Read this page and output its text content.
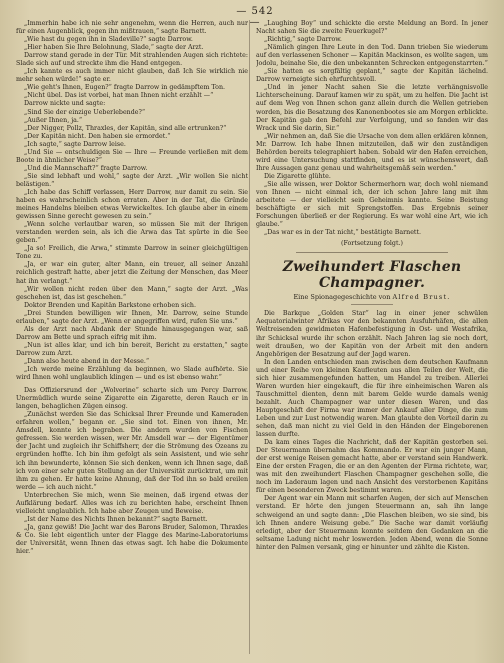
— 542 —

„Immerhin habe ich nie sehr angenehm, wenn die Herren, auch nur für einen Augenblick, gegen ihn mißtrauen,“ sagte Barnett.

„Wie hast du gegen ihn in Sladeville?“ sagte Darrow.

„Hier haben Sie Ihre Belohnung, Slade,“ sagte der Arzt.

Darrow stand gerade in der Tür. Mit strahlenden Augen sich richtete: Slade sich auf und streckte ihm die Hand entgegen.

„Ich kannte es auch immer nicht glauben, daß Ich Sie wirklich nie mehr sehen würde!“ sagte er.

„Wie geht's Ihnen, Eugen?“ fragte Darrow in gedämpftem Ton.

„Nicht übel. Das ist vorbei, hat man Ihnen nicht erzählt —“

Darrow nickte und sagte:

„Sind Sie der einzige Ueberlebende?“

„Außer Ihnen, ja.“

„Der Nigger, Pollz, Thraxles, der Kapitän, sind alle ertrunken?“

„Der Kapitän nicht. Den haben sie ermordet.“

„Ich sagte,“ sagte Darrow leise.

„Und Sie — entschuldigen Sie — Ihre — Freunde verließen mit dem Boote in ähnlicher Weise?“

„Und die Mannschaft?“ fragte Darrow.

„Sie sind lebhaft und wohl,“ sagte der Arzt. „Wir wollen Sie nicht belästigen.“

„Ich habe das Schiff verlassen, Herr Darrow, nur damit zu sein. Sie haben es wahrscheinlich schon erraten. Aber in der Tat, die Gründe meines Handelns bleiben etwas Verwickeltes. Ich glaube aber in einem gewissen Sinne gerecht gewesen zu sein.“

„Wenn solche verlautbar waren, so müssen Sie mit der Ihrigen verstanden werden sein, als ich die Arwa das Tat spürte in die See geben.“

„Ja so! Freilich, die Arwa,“ stimmte Darrow in seiner gleichgültigen Tone zu.

„Ja, er war ein guter, alter Mann, ein treuer, all seiner Anzahl reichlich gestraft hatte, aber jetzt die Zeitung der Menschen, das Meer hat ihn verlangt.“

„Wir wollen nicht reden über den Mann,“ sagte der Arzt. „Was geschehen ist, das ist geschehen.“

Doktor Brenden und Kapitän Barkstone erhoben sich.

„Drei Stunden bewilligen wir Ihnen, Mr. Darrow, seine Stunde erlauben,“ sagte der Arzt. „Wenn er angegriffen wird, rufen Sie uns.“

Als der Arzt nach Abdank der Stunde hinausgegangen war, saß Darrow am Bette und sprach eifrig mit ihm.

„Nun ist alles klar, und ich bin bereit, Bericht zu erstatten,“ sagte Darrow zum Arzt.

„Dann also heute abend in der Messe.“

„Ich werde meine Erzählung da beginnen, wo Slade aufhörte. Sie wird Ihnen wohl unglaublich klingen — und es ist ebenso wahr.“

Das Offiziersrund der „Wolverine“ scharte sich um Percy Darrow. Unermüdlich wurde seine Zigarette ein Zigarette, deren Rauch er in langen, behaglichen Zügen einsog.

„Zunächst werden Sie das Schicksal Ihrer Freunde und Kameraden erfahren wollen,“ begann er. „Sie sind tot. Einen von ihnen, Mr. Amsdell, konnte ich begraben. Die andern wurden von Fischen gefressen. Sie werden wissen, wer Mr. Amsdell war — der Eigentümer der Jacht und zugleich ihr Schiffsherr, der die Strömung des Ozeans zu ergründen hoffte. Ich bin ihm gefolgt als sein Assistent, und wie sehr ich ihn bewunderte, können Sie sich denken, wenn ich Ihnen sage, daß ich von einer sehr guten Stellung an der Universität zurücktrat, um mit ihm zu gehen. Er hatte keine Ahnung, daß der Tod ihn so bald ereilen werde — ich auch nicht.“

Unterbrechen Sie mich, wenn Sie meinen, daß irgend etwas der Aufklärung bedarf. Alles was ich zu berichten habe, erscheint Ihnen vielleicht unglaublich. Ich habe aber Zeugen und Beweise.

„Ist der Name des Nichts Ihnen bekannt?“ sagte Barnett.

„Ja, ganz gewiß! Die Jacht war des Barons Bruder, Salomon, Thraxles & Co. Sie lebt eigentlich unter der Flagge des Marine-Laboratoriums der Universität, wenn Ihnen das etwas sagt. Ich habe die Dokumente hier.“

„Laughing Boy“ und schickte die erste Meldung an Bord. In jener Nacht sahen Sie die zweite Feuerkugel?“

„Richtig,“ sagte Darrow.

„Nämlich gingen Ihre Leute in den Tod. Dann trieben Sie wiederum auf den verlassenen Schoner — Kapitän Mackinson, es wollte sagen, um Jodolu, beinahe Sie, die den unbekannten Schrecken entgegenstarrten.“

„Sie hatten es sorgfältig geplant,“ sagte der Kapitän lächelnd. Darrow verneigte sich ehrfurchtsvoll.

„Und in jener Nacht sahen Sie die letzte verhängnisvolle Lichterscheinung. Darauf kamen wir zu spät, um zu helfen. Die Jacht ist auf dem Weg von Ihnen schon ganz allein durch die Wellen getrieben worden, bis die Besatzung des Kanonenbootes sie am Morgen erblickte. Der Kapitän gab den Befehl zur Verfolgung, und so fanden wir das Wrack und Sie darin, Sir.“

„Wir nehmen an, daß Sie die Ursache von dem allen erklären können, Mr. Darrow. Ich habe Ihnen mitzuteilen, daß wir den zuständigen Behörden bereits telegraphiert haben. Sobald wir den Hafen erreichen, wird eine Untersuchung stattfinden, und es ist wünschenswert, daß Ihre Aussagen ganz genau und wahrheitsgemäß sein werden.“

Die Zigarette glühte.

„Sie alle wissen, wer Doktor Schermerhorn war, doch wohl niemand von Ihnen — nicht einmal ich, der ich schon Jahre lang mit ihm arbeitete — der vielleicht sein Geheimnis kannte. Seine Beistung beschäftigte er sich mit Sprengstoffen. Das Ergebnis seiner Forschungen überließ er der Regierung. Es war wohl eine Art, wie ich glaube.“

„Das war es in der Tat nicht,“ bestätigte Barnett.

(Fortsetzung folgt.)

Zweihundert Flaschen Champagner.
Eine Spionagegeschichte von Alfred Brust.

Die Barkque „Golden Star“ lag in einer jener schwülen Aequatorialwinter Afrikas vor den bekannten Ausfuhrhäfen, die allen Weltreisenden gewidmeten Hafenbefestigung in Ost- und Westafrika, ihr Schicksal wurde ihr schon erzählt. Nach Jahren lag sie noch dort, weit draußen, wo der Kapitän von der Arbeit mit den andern Angehörigen der Besatzung auf der Jagd waren.

In den Landen entschieden man zwischen dem deutschen Kaufmann und einer Reihe von kleinen Kaufleuten aus allen Teilen der Welt, die sich hier zusammengefunden hatten, um Handel zu treiben. Allerlei Waren wurden hier eingekauft, die für ihre einheimischen Waren als Tauschmittel dienten, denn mit barem Gelde wurde damals wenig bezahlt. Auch Champagner war unter diesen Waren, und das Hauptgeschäft der Firma war immer der Ankauf aller Dinge, die zum Leben und zur Lust notwendig waren. Man glaubte den Vorteil darin zu sehen, daß man nicht zu viel Geld in den Händen der Eingeborenen lassen durfte.

Da kam eines Tages die Nachricht, daß der Kapitän gestorben sei. Der Steuermann übernahm das Kommando. Er war ein junger Mann, der erst wenige Reisen gemacht hatte, aber er verstand sein Handwerk. Eine der ersten Fragen, die er an den Agenten der Firma richtete, war, was mit den zweihundert Flaschen Champagner geschehen solle, die noch im Laderaum lagen und nach Ansicht des verstorbenen Kapitäns für einen besonderen Zweck bestimmt waren.

Der Agent war ein Mann mit scharfen Augen, der sich auf Menschen verstand. Er hörte den jungen Steuermann an, sah ihn lange schweigend an und sagte dann: „Die Flaschen bleiben, wo sie sind, bis ich Ihnen andere Weisung gebe.“ Die Sache war damit vorläufig erledigt, aber der Steuermann konnte seitdem den Gedanken an die seltsame Ladung nicht mehr loswerden. Jeden Abend, wenn die Sonne hinter den Palmen versank, ging er hinunter und zählte die Kisten.
